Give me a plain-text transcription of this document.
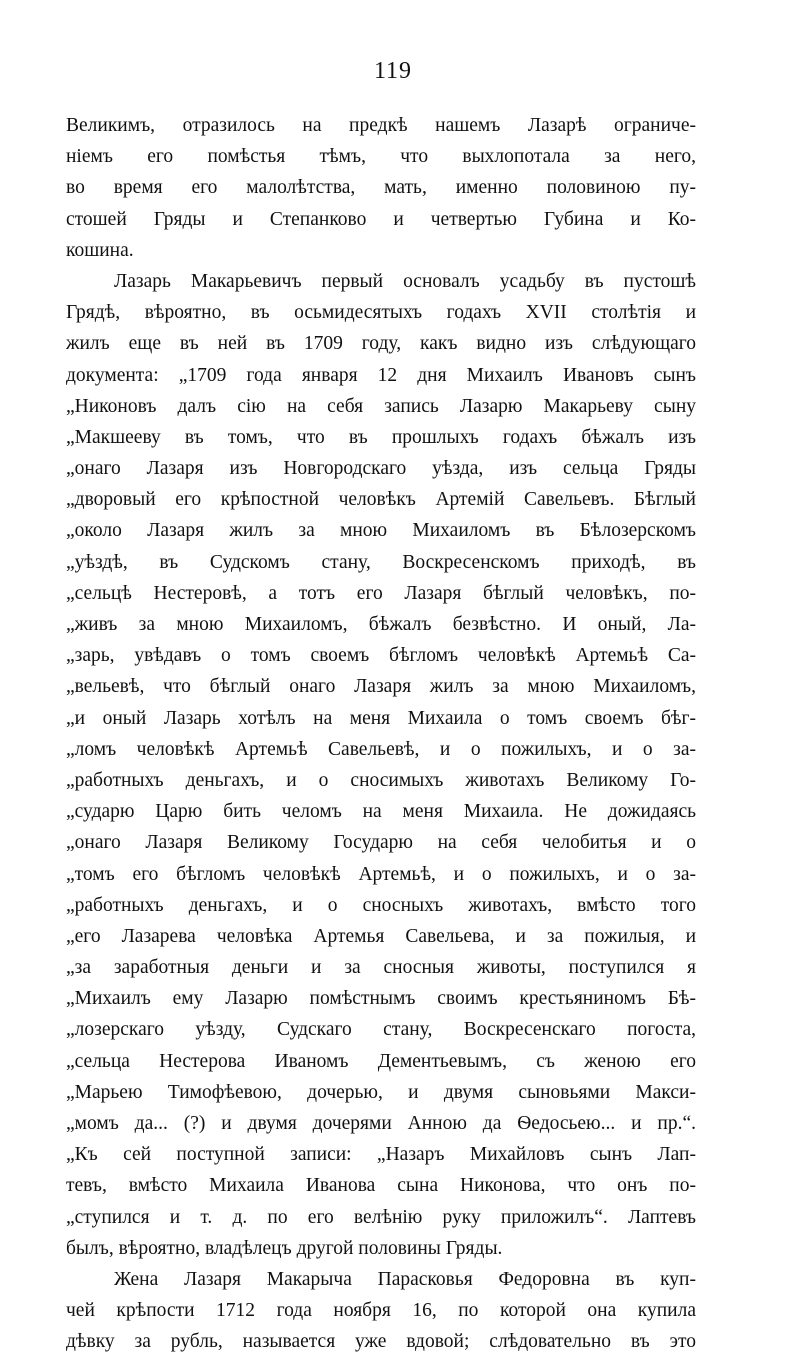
119
Великимъ, отразилось на предкѣ нашемъ Лазарѣ ограниче-
ніемъ его помѣстья тѣмъ, что выхлопотала за него,
во время его малолѣтства, мать, именно половиною пу-
стошей Гряды и Степанково и четвертью Губина и Ко-
кошина.
Лазарь Макарьевичъ первый основалъ усадьбу въ пустошѣ
Грядѣ, вѣроятно, въ осьмидесятыхъ годахъ XVII столѣтія и
жилъ еще въ ней въ 1709 году, какъ видно изъ слѣдующаго
документа: „1709 года января 12 дня Михаилъ Ивановъ сынъ
„Никоновъ далъ сію на себя запись Лазарю Макарьеву сыну
„Макшееву въ томъ, что въ прошлыхъ годахъ бѣжалъ изъ
„онаго Лазаря изъ Новгородскаго уѣзда, изъ сельца Гряды
„дворовый его крѣпостной человѣкъ Артемій Савельевъ. Бѣглый
„около Лазаря жилъ за мною Михаиломъ въ Бѣлозерскомъ
„уѣздѣ, въ Судскомъ стану, Воскресенскомъ приходѣ, въ
„сельцѣ Нестеровѣ, а тотъ его Лазаря бѣглый человѣкъ, по-
„живъ за мною Михаиломъ, бѣжалъ безвѣстно. И оный, Ла-
„зарь, увѣдавъ о томъ своемъ бѣгломъ человѣкѣ Артемьѣ Са-
„вельевѣ, что бѣглый онаго Лазаря жилъ за мною Михаиломъ,
„и оный Лазарь хотѣлъ на меня Михаила о томъ своемъ бѣг-
„ломъ человѣкѣ Артемьѣ Савельевѣ, и о пожилыхъ, и о за-
„работныхъ деньгахъ, и о сносимыхъ животахъ Великому Го-
„сударю Царю бить челомъ на меня Михаила. Не дожидаясь
„онаго Лазаря Великому Государю на себя челобитья и о
„томъ его бѣгломъ человѣкѣ Артемьѣ, и о пожилыхъ, и о за-
„работныхъ деньгахъ, и о сносныхъ животахъ, вмѣсто того
„его Лазарева человѣка Артемья Савельева, и за пожилыя, и
„за заработныя деньги и за сносныя животы, поступился я
„Михаилъ ему Лазарю помѣстнымъ своимъ крестьяниномъ Бѣ-
„лозерскаго уѣзду, Судскаго стану, Воскресенскаго погоста,
„сельца Нестерова Иваномъ Дементьевымъ, съ женою его
„Марьею Тимофѣевою, дочерью, и двумя сыновьями Макси-
„момъ да... (?) и двумя дочерями Анною да Ѳедосьею... и пр.“.
„Къ сей поступной записи: „Назаръ Михайловъ сынъ Лап-
тевъ, вмѣсто Михаила Иванова сына Никонова, что онъ по-
„ступился и т. д. по его велѣнію руку приложилъ“. Лаптевъ
былъ, вѣроятно, владѣлецъ другой половины Гряды.
Жена Лазаря Макарыча Парасковья Федоровна въ куп-
чей крѣпости 1712 года ноября 16, по которой она купила
дѣвку за рубль, называется уже вдовой; слѣдовательно въ это
